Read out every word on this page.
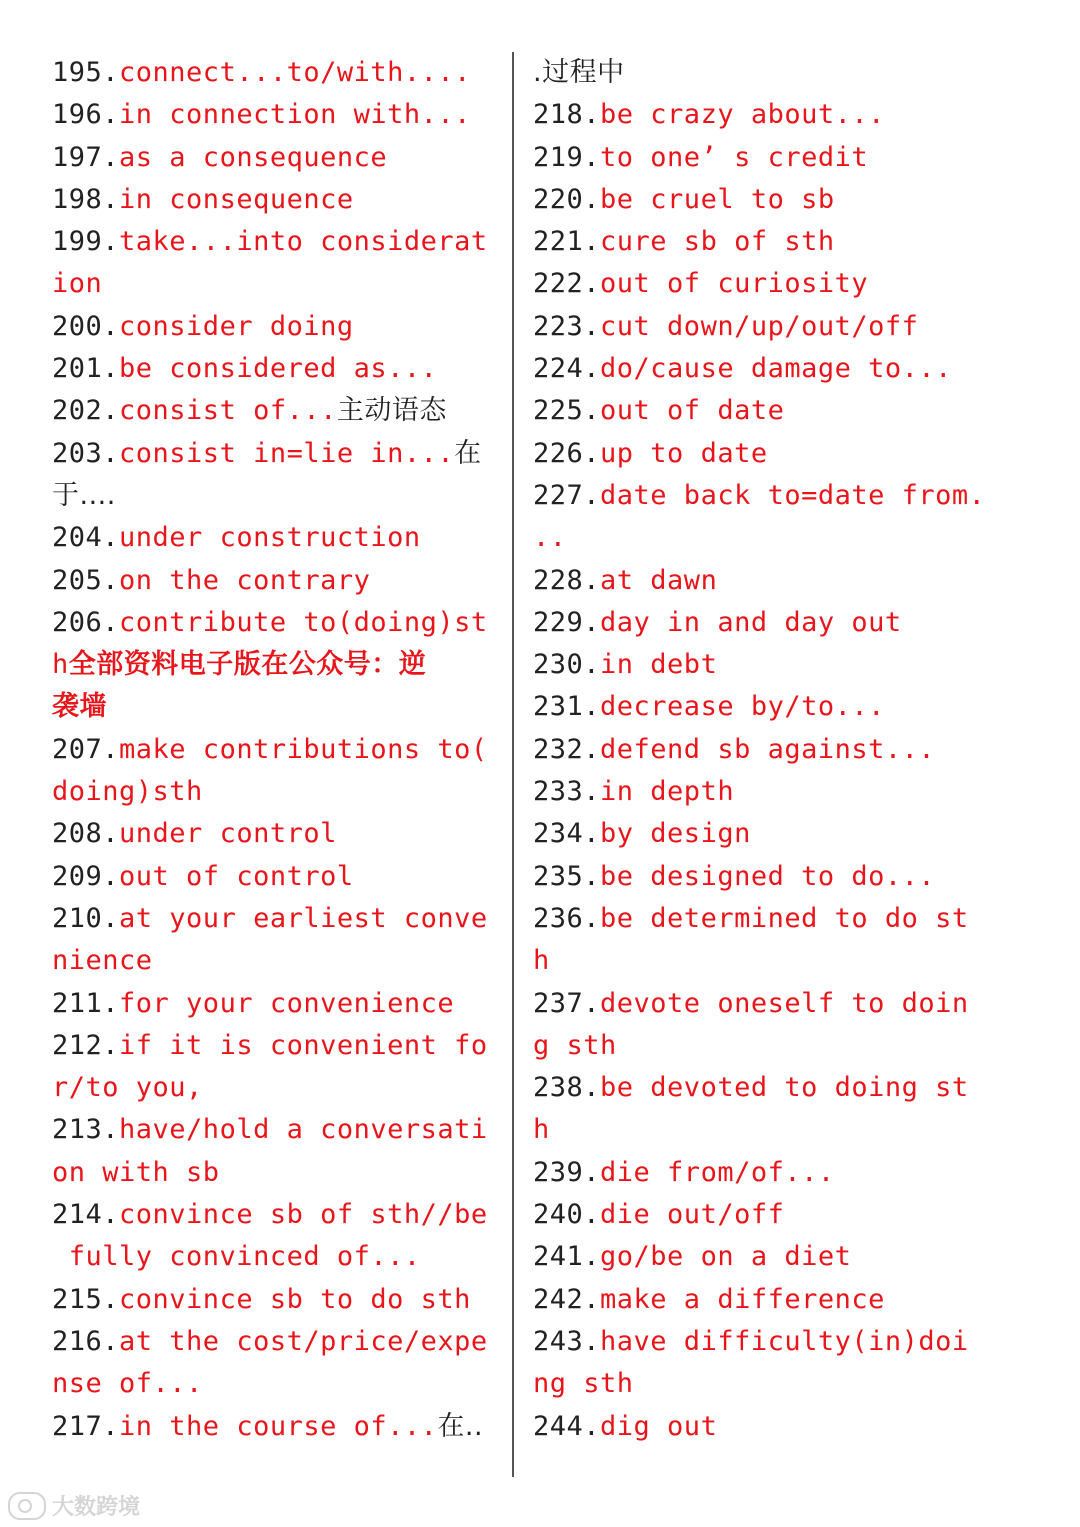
195.connect...to/with....
196.in connection with...
197.as a consequence
198.in consequence
199.take...into considerat
ion
200.consider doing
201.be considered as...
202.consist of...主动语态
203.consist in=lie in...在
于....
204.under construction
205.on the contrary
206.contribute to(doing)st
h全部资料电子版在公众号：逆
袭墙
207.make contributions to(
doing)sth
208.under control
209.out of control
210.at your earliest conve
nience
211.for your convenience
212.if it is convenient fo
r/to you,
213.have/hold a conversati
on with sb
214.convince sb of sth//be
fully convinced of...
215.convince sb to do sth
216.at the cost/price/expe
nse of...
217.in the course of...在..
.过程中
218.be crazy about...
219.to one’ s credit
220.be cruel to sb
221.cure sb of sth
222.out of curiosity
223.cut down/up/out/off
224.do/cause damage to...
225.out of date
226.up to date
227.date back to=date from.
..
228.at dawn
229.day in and day out
230.in debt
231.decrease by/to...
232.defend sb against...
233.in depth
234.by design
235.be designed to do...
236.be determined to do st
h
237.devote oneself to doin
g sth
238.be devoted to doing st
h
239.die from/of...
240.die out/off
241.go/be on a diet
242.make a difference
243.have difficulty(in)doi
ng sth
244.dig out
大数跨境
